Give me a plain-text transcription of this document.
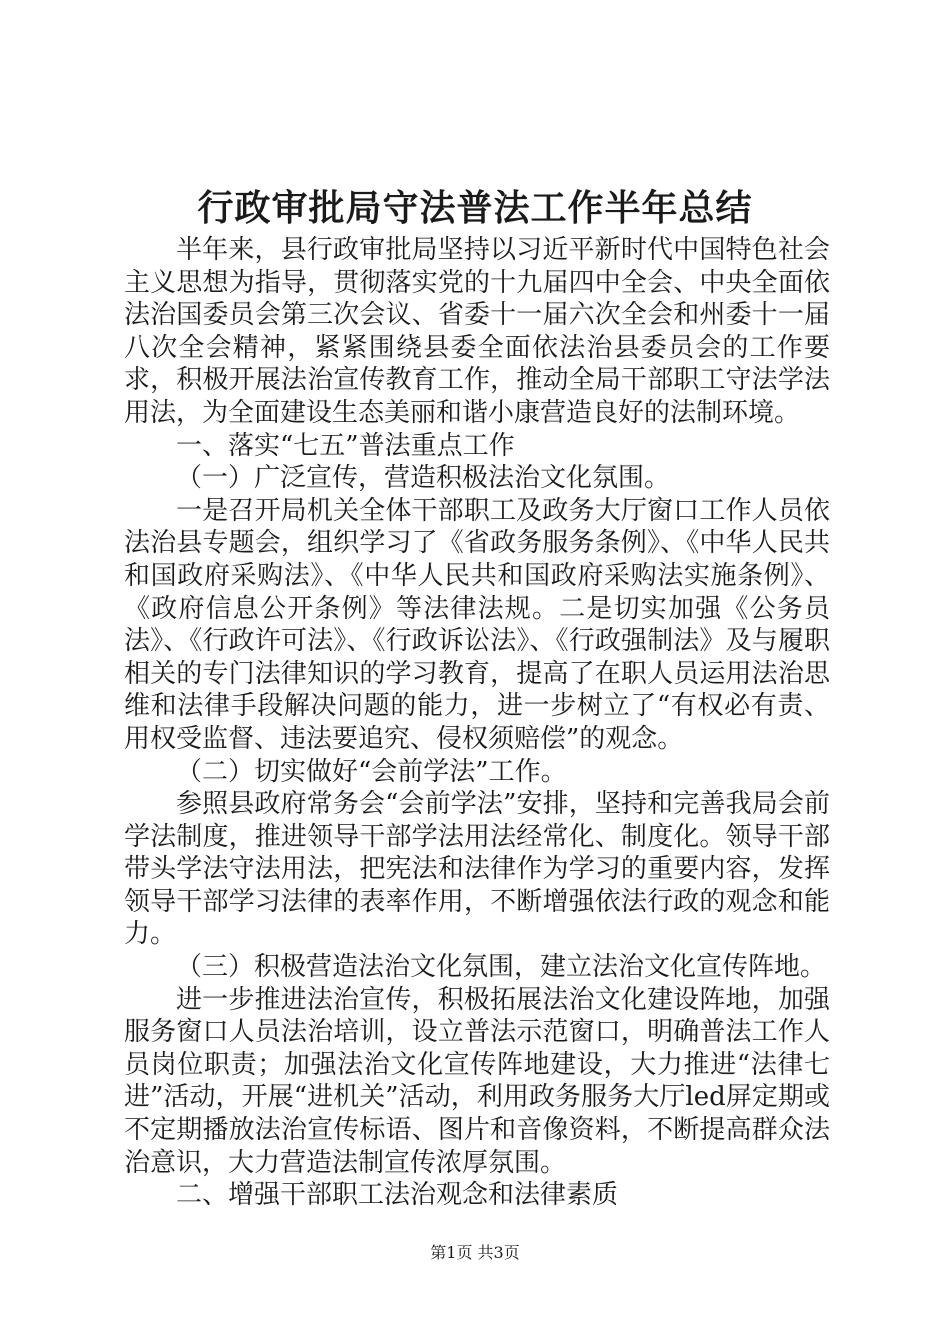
行政审批局守法普法工作半年总结

半年来，县行政审批局坚持以习近平新时代中国特色社会主义思想为指导，贯彻落实党的十九届四中全会、中央全面依法治国委员会第三次会议、省委十一届六次全会和州委十一届八次全会精神，紧紧围绕县委全面依法治县委员会的工作要求，积极开展法治宣传教育工作，推动全局干部职工守法学法用法，为全面建设生态美丽和谐小康营造良好的法制环境。

一、落实“七五”普法重点工作

（一）广泛宣传，营造积极法治文化氛围。

一是召开局机关全体干部职工及政务大厅窗口工作人员依法治县专题会，组织学习了《省政务服务条例》、《中华人民共和国政府采购法》、《中华人民共和国政府采购法实施条例》、《政府信息公开条例》等法律法规。二是切实加强《公务员法》、《行政许可法》、《行政诉讼法》、《行政强制法》及与履职相关的专门法律知识的学习教育，提高了在职人员运用法治思维和法律手段解决问题的能力，进一步树立了“有权必有责、用权受监督、违法要追究、侵权须赔偿”的观念。

（二）切实做好“会前学法”工作。

参照县政府常务会“会前学法”安排，坚持和完善我局会前学法制度，推进领导干部学法用法经常化、制度化。领导干部带头学法守法用法，把宪法和法律作为学习的重要内容，发挥领导干部学习法律的表率作用，不断增强依法行政的观念和能力。

（三）积极营造法治文化氛围，建立法治文化宣传阵地。

进一步推进法治宣传，积极拓展法治文化建设阵地，加强服务窗口人员法治培训，设立普法示范窗口，明确普法工作人员岗位职责；加强法治文化宣传阵地建设，大力推进“法律七进”活动，开展“进机关”活动，利用政务服务大厅led屏定期或不定期播放法治宣传标语、图片和音像资料，不断提高群众法治意识，大力营造法制宣传浓厚氛围。

二、增强干部职工法治观念和法律素质

第1页 共3页
